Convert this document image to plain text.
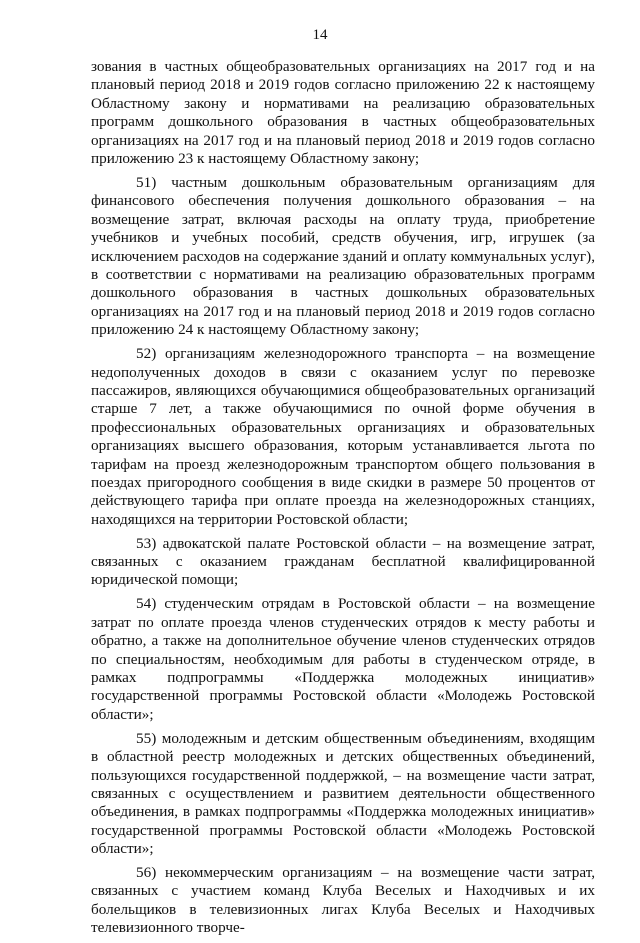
14

зования в частных общеобразовательных организациях на 2017 год и на плановый период 2018 и 2019 годов согласно приложению 22 к настоящему Областному закону и нормативами на реализацию образовательных программ дошкольного образования в частных общеобразовательных организациях на 2017 год и на плановый период 2018 и 2019 годов согласно приложению 23 к настоящему Областному закону;

51) частным дошкольным образовательным организациям для финансового обеспечения получения дошкольного образования – на возмещение затрат, включая расходы на оплату труда, приобретение учебников и учебных пособий, средств обучения, игр, игрушек (за исключением расходов на содержание зданий и оплату коммунальных услуг), в соответствии с нормативами на реализацию образовательных программ дошкольного образования в частных дошкольных образовательных организациях на 2017 год и на плановый период 2018 и 2019 годов согласно приложению 24 к настоящему Областному закону;

52) организациям железнодорожного транспорта – на возмещение недополученных доходов в связи с оказанием услуг по перевозке пассажиров, являющихся обучающимися общеобразовательных организаций старше 7 лет, а также обучающимися по очной форме обучения в профессиональных образовательных организациях и образовательных организациях высшего образования, которым устанавливается льгота по тарифам на проезд железнодорожным транспортом общего пользования в поездах пригородного сообщения в виде скидки в размере 50 процентов от действующего тарифа при оплате проезда на железнодорожных станциях, находящихся на территории Ростовской области;

53) адвокатской палате Ростовской области – на возмещение затрат, связанных с оказанием гражданам бесплатной квалифицированной юридической помощи;

54) студенческим отрядам в Ростовской области – на возмещение затрат по оплате проезда членов студенческих отрядов к месту работы и обратно, а также на дополнительное обучение членов студенческих отрядов по специальностям, необходимым для работы в студенческом отряде, в рамках подпрограммы «Поддержка молодежных инициатив» государственной программы Ростовской области «Молодежь Ростовской области»;

55) молодежным и детским общественным объединениям, входящим в областной реестр молодежных и детских общественных объединений, пользующихся государственной поддержкой, – на возмещение части затрат, связанных с осуществлением и развитием деятельности общественного объединения, в рамках подпрограммы «Поддержка молодежных инициатив» государственной программы Ростовской области «Молодежь Ростовской области»;

56) некоммерческим организациям – на возмещение части затрат, связанных с участием команд Клуба Веселых и Находчивых и их болельщиков в телевизионных лигах Клуба Веселых и Находчивых телевизионного творче-
